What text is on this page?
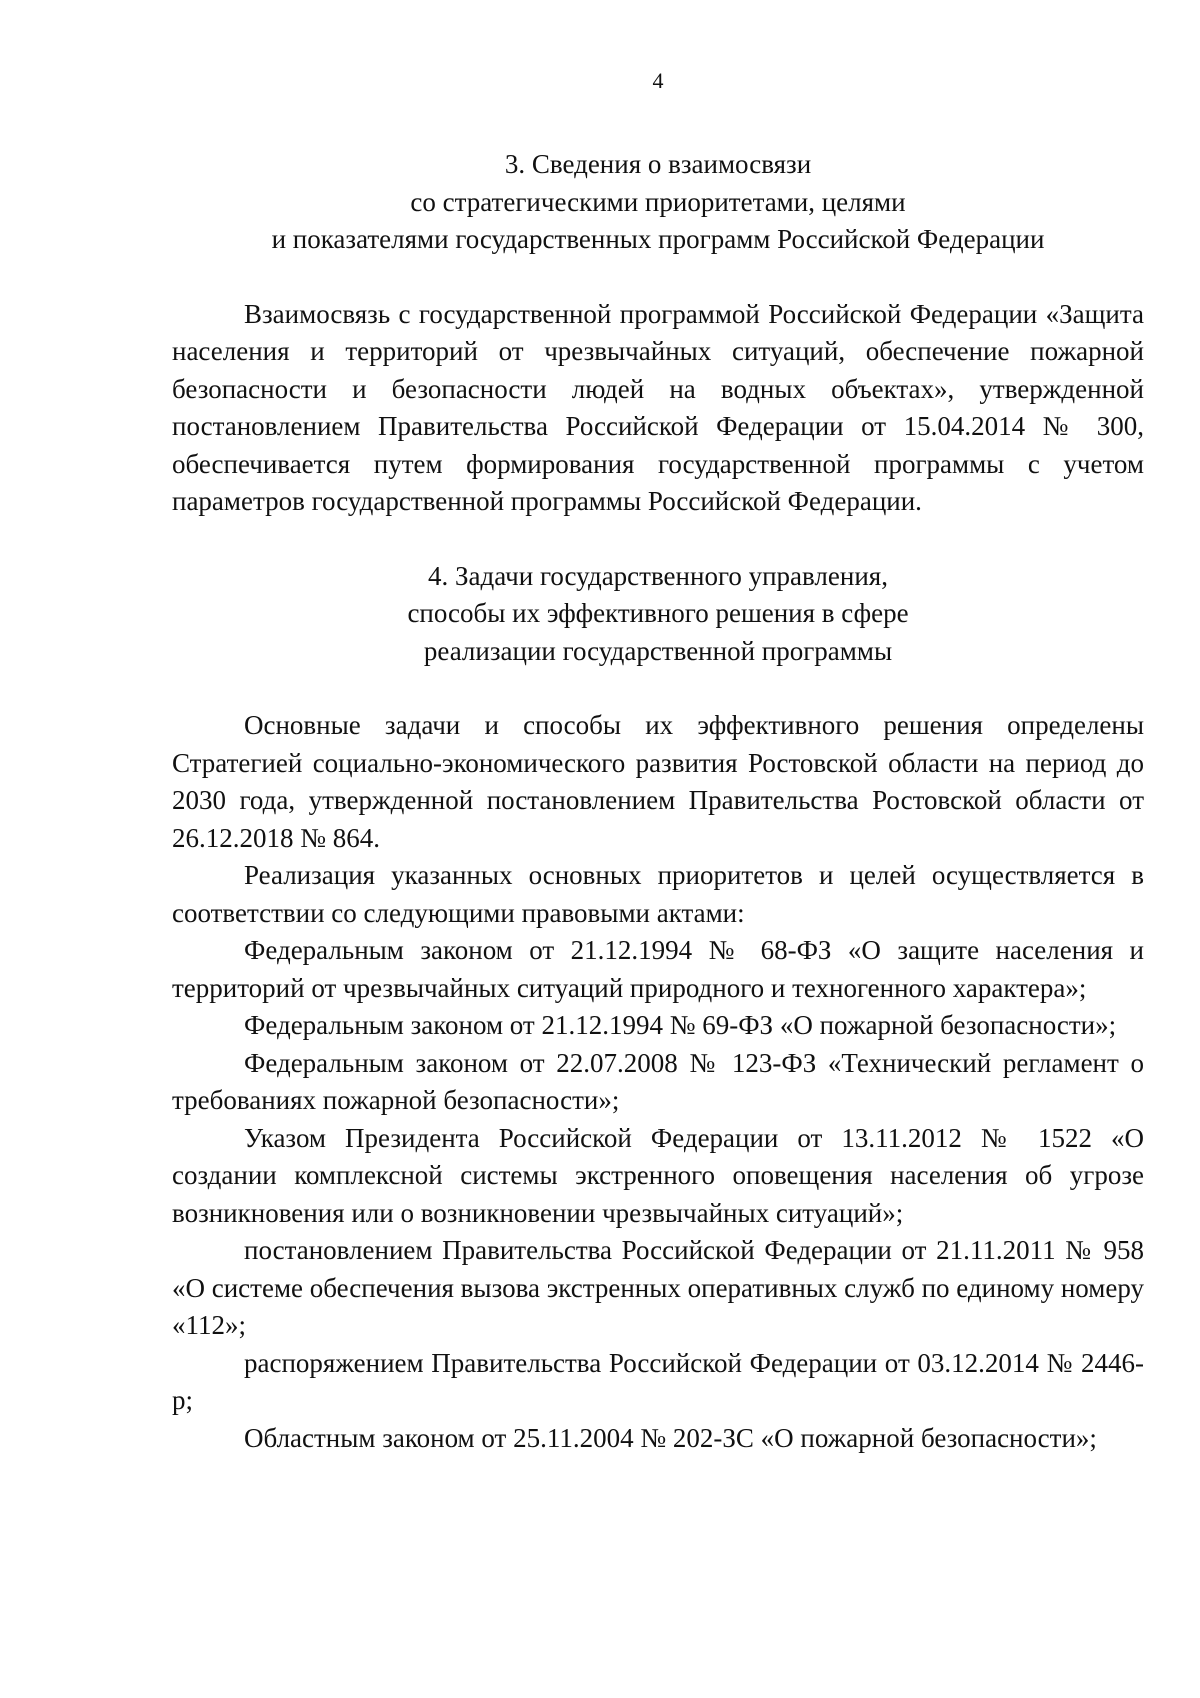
4
3. Сведения о взаимосвязи
со стратегическими приоритетами, целями
и показателями государственных программ Российской Федерации

Взаимосвязь с государственной программой Российской Федерации «Защита населения и территорий от чрезвычайных ситуаций, обеспечение пожарной безопасности и безопасности людей на водных объектах», утвержденной постановлением Правительства Российской Федерации от 15.04.2014 № 300, обеспечивается путем формирования государственной программы с учетом параметров государственной программы Российской Федерации.

4. Задачи государственного управления,
способы их эффективного решения в сфере
реализации государственной программы

Основные задачи и способы их эффективного решения определены Стратегией социально-экономического развития Ростовской области на период до 2030 года, утвержденной постановлением Правительства Ростовской области от 26.12.2018 № 864.

Реализация указанных основных приоритетов и целей осуществляется в соответствии со следующими правовыми актами:

Федеральным законом от 21.12.1994 № 68-ФЗ «О защите населения и территорий от чрезвычайных ситуаций природного и техногенного характера»;

Федеральным законом от 21.12.1994 № 69-ФЗ «О пожарной безопасности»;

Федеральным законом от 22.07.2008 № 123-ФЗ «Технический регламент о требованиях пожарной безопасности»;

Указом Президента Российской Федерации от 13.11.2012 № 1522 «О создании комплексной системы экстренного оповещения населения об угрозе возникновения или о возникновении чрезвычайных ситуаций»;

постановлением Правительства Российской Федерации от 21.11.2011 № 958 «О системе обеспечения вызова экстренных оперативных служб по единому номеру «112»;

распоряжением Правительства Российской Федерации от 03.12.2014 № 2446-р;

Областным законом от 25.11.2004 № 202-ЗС «О пожарной безопасности»;
